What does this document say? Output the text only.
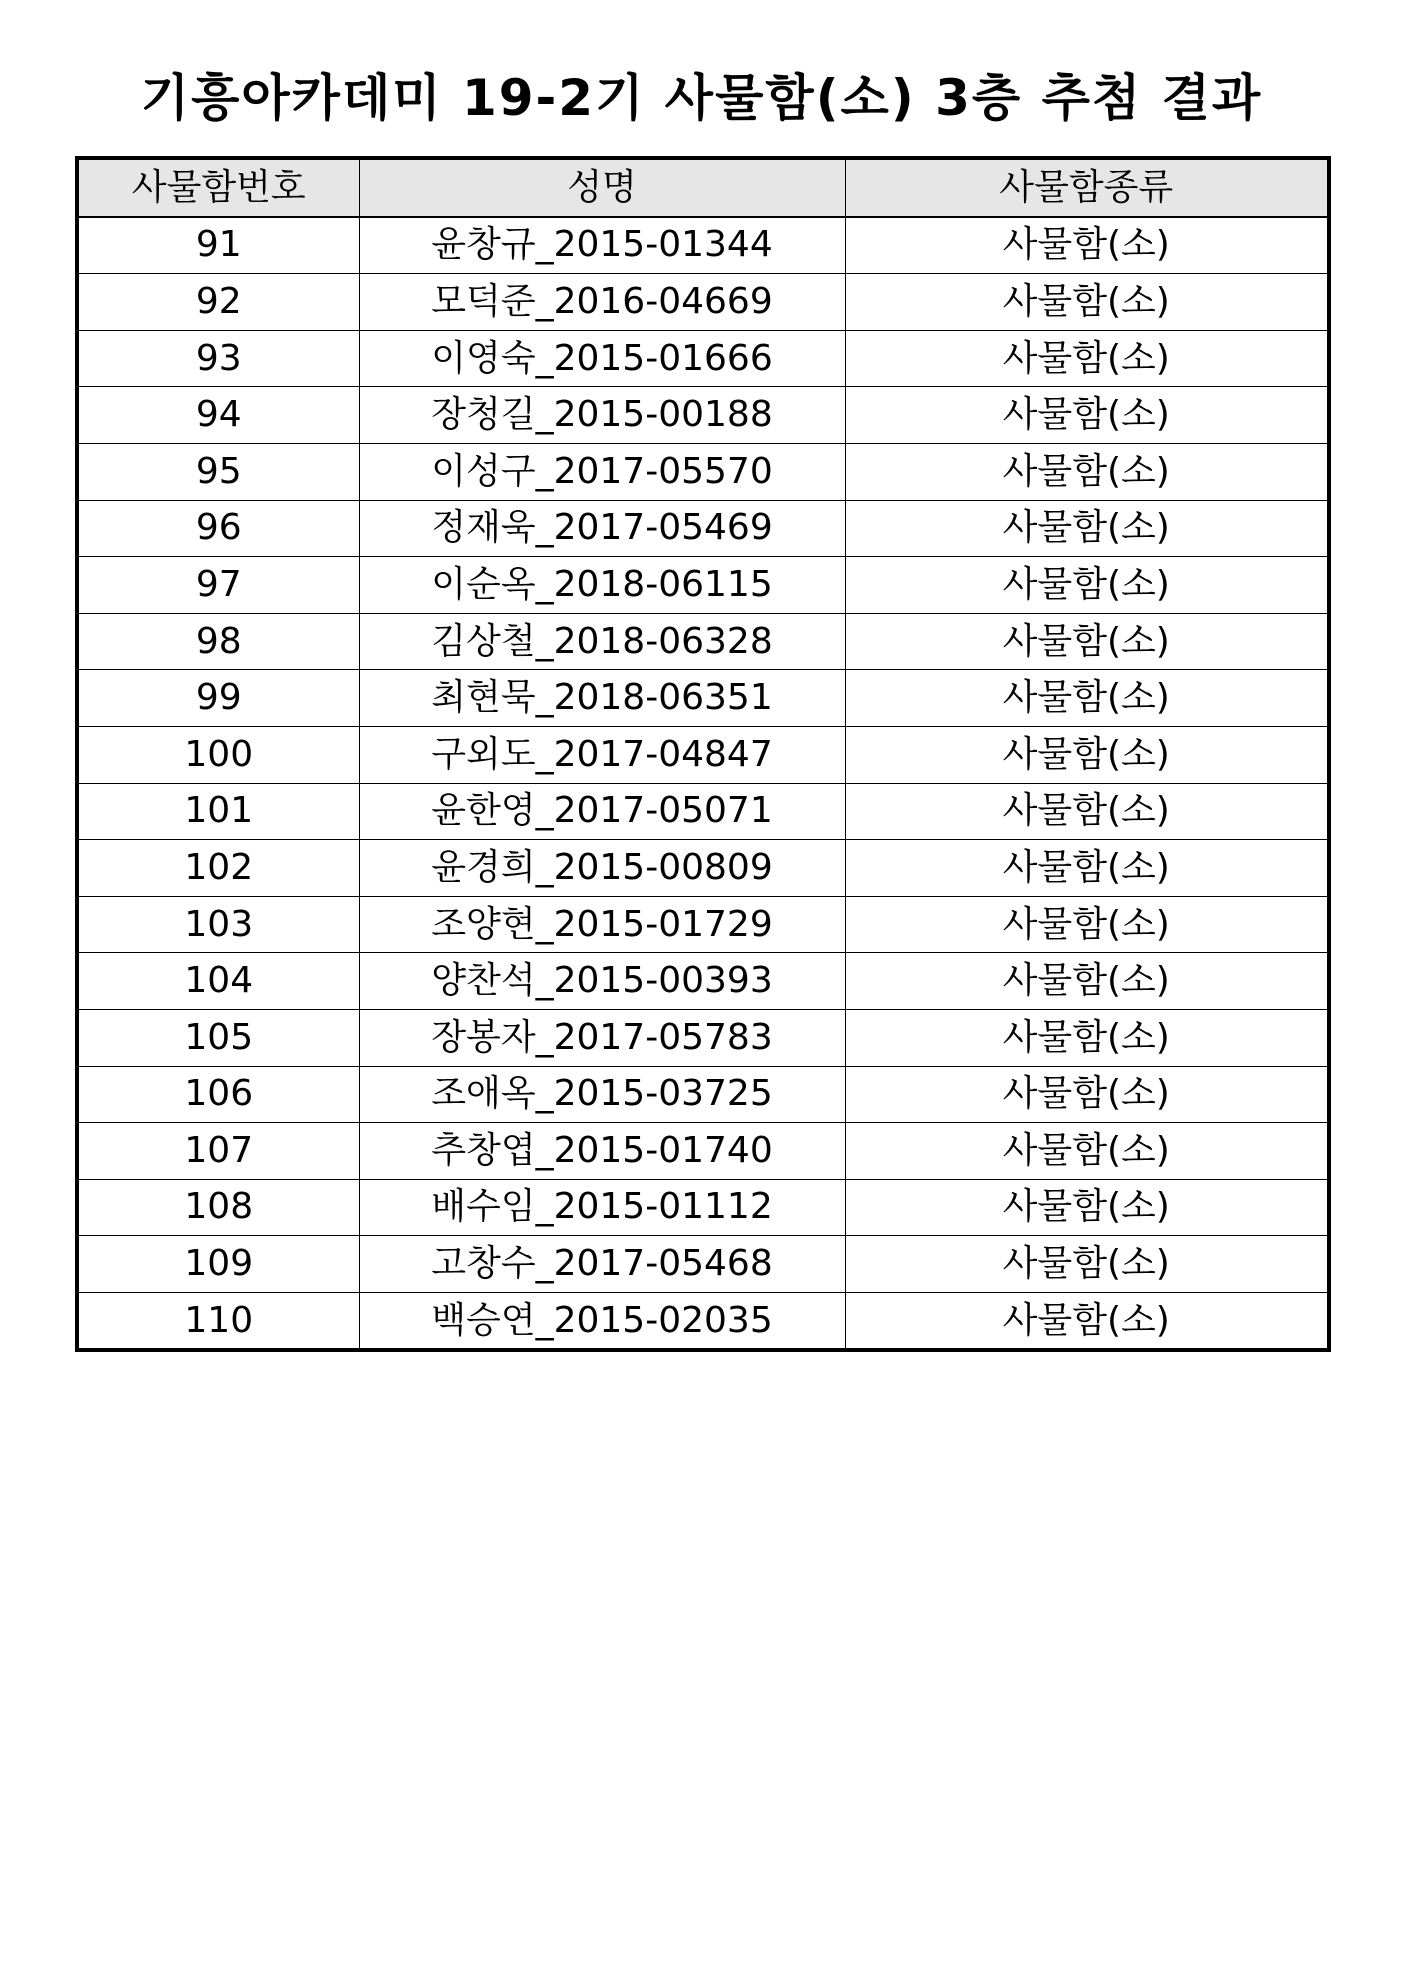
기흥아카데미 19-2기 사물함(소) 3층 추첨 결과
사물함번호	성명	사물함종류
91	윤창규_2015-01344	사물함(소)
92	모덕준_2016-04669	사물함(소)
93	이영숙_2015-01666	사물함(소)
94	장청길_2015-00188	사물함(소)
95	이성구_2017-05570	사물함(소)
96	정재욱_2017-05469	사물함(소)
97	이순옥_2018-06115	사물함(소)
98	김상철_2018-06328	사물함(소)
99	최현묵_2018-06351	사물함(소)
100	구외도_2017-04847	사물함(소)
101	윤한영_2017-05071	사물함(소)
102	윤경희_2015-00809	사물함(소)
103	조양현_2015-01729	사물함(소)
104	양찬석_2015-00393	사물함(소)
105	장봉자_2017-05783	사물함(소)
106	조애옥_2015-03725	사물함(소)
107	추창엽_2015-01740	사물함(소)
108	배수임_2015-01112	사물함(소)
109	고창수_2017-05468	사물함(소)
110	백승연_2015-02035	사물함(소)
